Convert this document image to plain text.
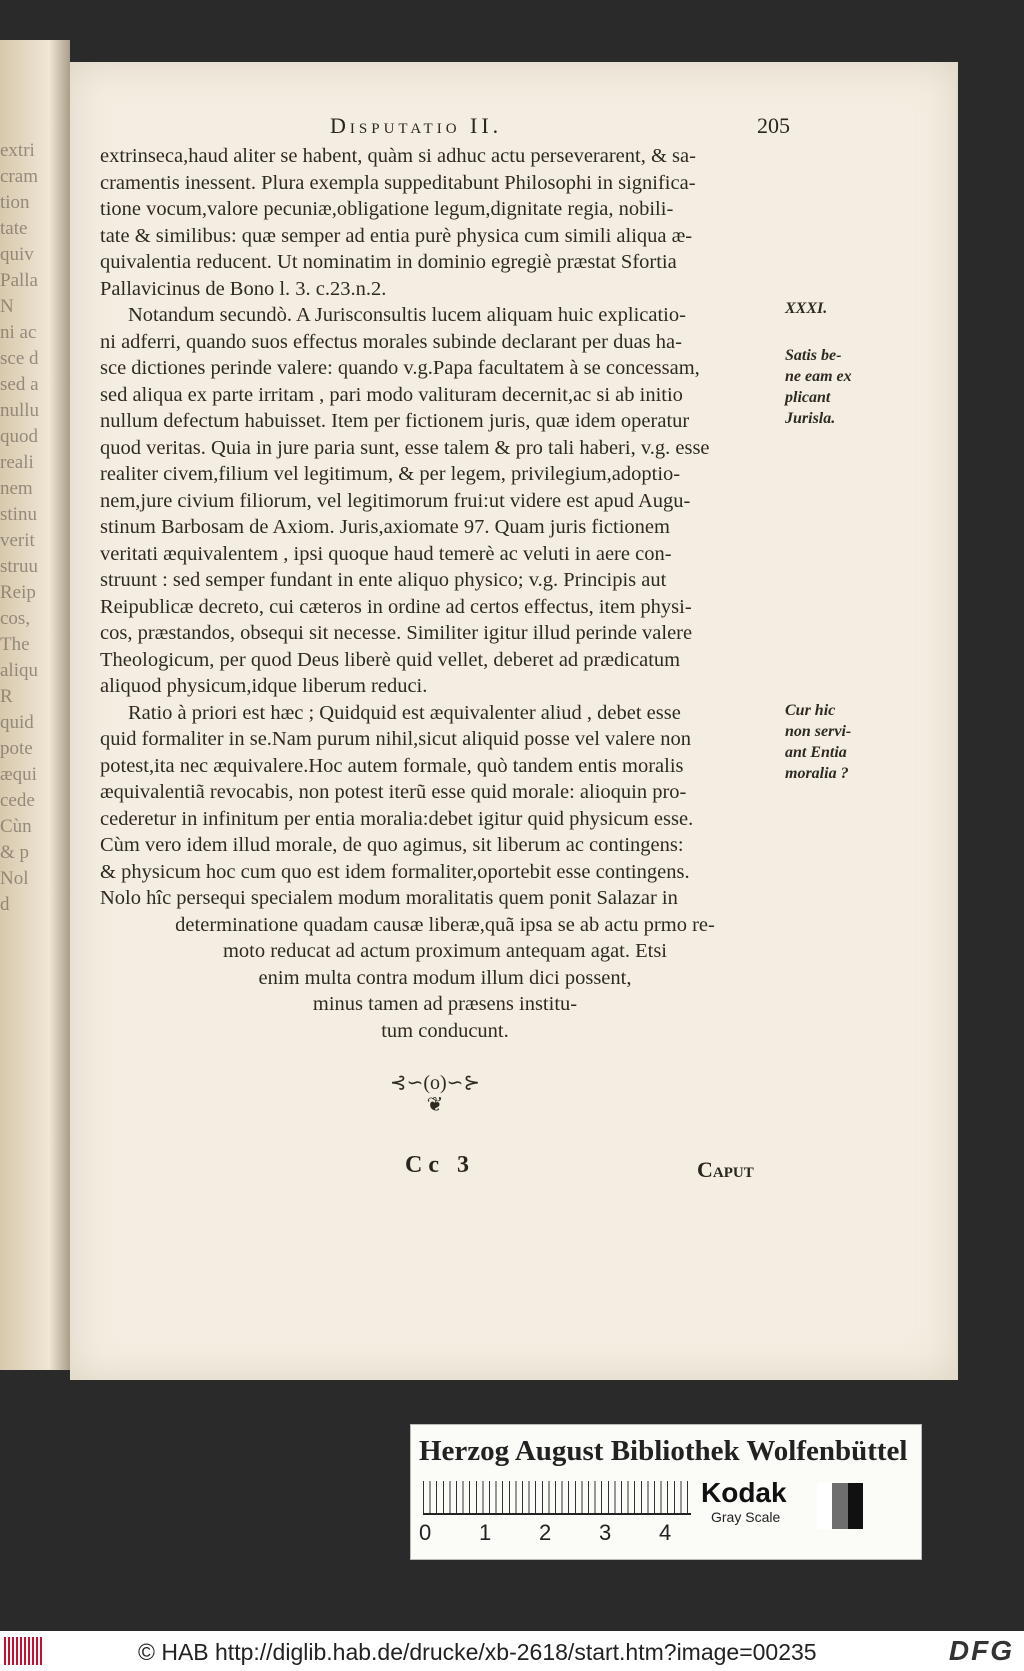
extri
cram
tion
tate
quiv
Palla
N
ni ac
sce d
sed a
nullu
quod
reali
nem
stinu
verit
struu
Reip
cos,
The
aliqu
R
quid
pote
æqui
cede
Cùn
& p
Nol
d
Disputatio II.	205
extrinseca,haud aliter se habent, quàm si adhuc actu perseverarent, & sa-
cramentis inessent. Plura exempla suppeditabunt Philosophi in significa-
tione vocum,valore pecuniæ,obligatione legum,dignitate regia, nobili-
tate & similibus: quæ semper ad entia purè physica cum simili aliqua æ-
quivalentia reducent. Ut nominatim in dominio egregiè præstat Sfortia
Pallavicinus de Bono l. 3. c.23.n.2.
Notandum secundò. A Jurisconsultis lucem aliquam huic explicatio-
ni adferri, quando suos effectus morales subinde declarant per duas ha-
sce dictiones perinde valere: quando v.g.Papa facultatem à se concessam,
sed aliqua ex parte irritam , pari modo valituram decernit,ac si ab initio
nullum defectum habuisset. Item per fictionem juris, quæ idem operatur
quod veritas. Quia in jure paria sunt, esse talem & pro tali haberi, v.g. esse
realiter civem,filium vel legitimum, & per legem, privilegium,adoptio-
nem,jure civium filiorum, vel legitimorum frui:ut videre est apud Augu-
stinum Barbosam de Axiom. Juris,axiomate 97. Quam juris fictionem
veritati æquivalentem , ipsi quoque haud temerè ac veluti in aere con-
struunt : sed semper fundant in ente aliquo physico; v.g. Principis aut
Reipublicæ decreto, cui cæteros in ordine ad certos effectus, item physi-
cos, præstandos, obsequi sit necesse. Similiter igitur illud perinde valere
Theologicum, per quod Deus liberè quid vellet, deberet ad prædicatum
aliquod physicum,idque liberum reduci.
Ratio à priori est hæc ; Quidquid est æquivalenter aliud , debet esse
quid formaliter in se.Nam purum nihil,sicut aliquid posse vel valere non
potest,ita nec æquivalere.Hoc autem formale, quò tandem entis moralis
æquivalentiã revocabis, non potest iterũ esse quid morale: alioquin pro-
cederetur in infinitum per entia moralia:debet igitur quid physicum esse.
Cùm vero idem illud morale, de quo agimus, sit liberum ac contingens:
& physicum hoc cum quo est idem formaliter,oportebit esse contingens.
Nolo hîc persequi specialem modum moralitatis quem ponit Salazar in
determinatione quadam causæ liberæ,quã ipsa se ab actu prmo re-
moto reducat ad actum proximum antequam agat. Etsi
enim multa contra modum illum dici possent,
minus tamen ad præsens institu-
tum conducunt.
XXXI.
Satis be-
ne eam ex
plicant
Jurisla.
Cur hic
non servi-
ant Entia
moralia ?
⊰∽(o)∽⊱
❦
Cc 3	Caput
Herzog August Bibliothek Wolfenbüttel
0 1 2 3 4
Kodak
Gray Scale
© HAB http://diglib.hab.de/drucke/xb-2618/start.htm?image=00235	DFG
